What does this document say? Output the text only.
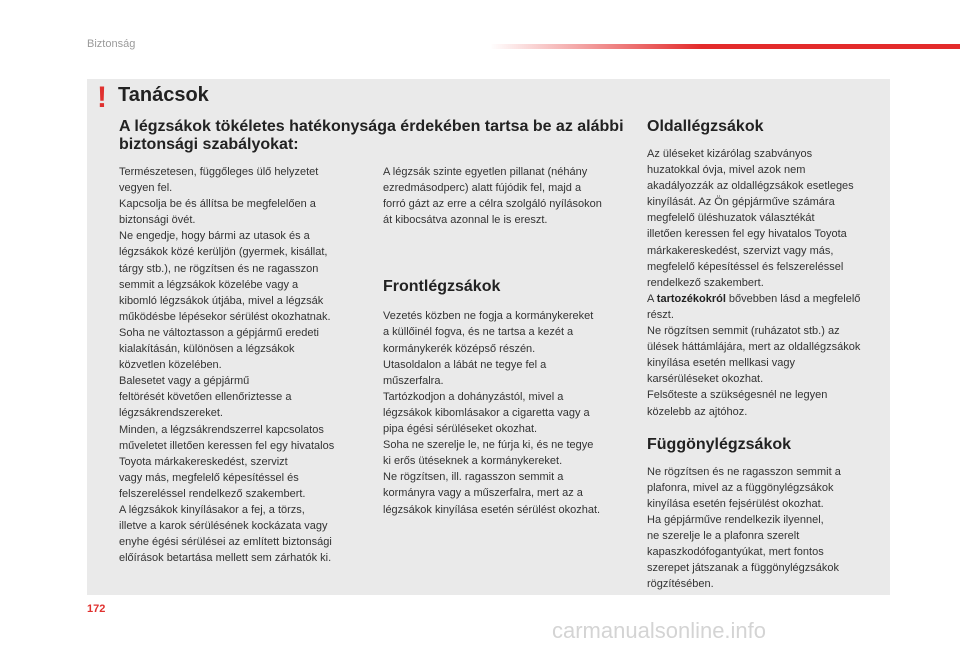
Biztonság
! Tanácsok
A légzsákok tökéletes hatékonysága érdekében tartsa be az alábbi biztonsági szabályokat:

Természetesen, függőleges ülő helyzetet
vegyen fel.
Kapcsolja be és állítsa be megfelelően a
biztonsági övét.
Ne engedje, hogy bármi az utasok és a
légzsákok közé kerüljön (gyermek, kisállat,
tárgy stb.), ne rögzítsen és ne ragasszon
semmit a légzsákok közelébe vagy a
kibomló légzsákok útjába, mivel a légzsák
működésbe lépésekor sérülést okozhatnak.
Soha ne változtasson a gépjármű eredeti
kialakításán, különösen a légzsákok
közvetlen közelében.
Balesetet vagy a gépjármű
feltörését követően ellenőriztesse a
légzsákrendszereket.
Minden, a légzsákrendszerrel kapcsolatos
műveletet illetően keressen fel egy hivatalos
Toyota márkakereskedést, szervizt
vagy más, megfelelő képesítéssel és
felszereléssel rendelkező szakembert.
A légzsákok kinyílásakor a fej, a törzs,
illetve a karok sérülésének kockázata vagy
enyhe égési sérülései az említett biztonsági
előírások betartása mellett sem zárhatók ki.

A légzsák szinte egyetlen pillanat (néhány
ezredmásodperc) alatt fújódik fel, majd a
forró gázt az erre a célra szolgáló nyílásokon
át kibocsátva azonnal le is ereszt.

Frontlégzsákok

Vezetés közben ne fogja a kormánykereket
a küllőinél fogva, és ne tartsa a kezét a
kormánykerék középső részén.
Utasoldalon a lábát ne tegye fel a
műszerfalra.
Tartózkodjon a dohányzástól, mivel a
légzsákok kibomlásakor a cigaretta vagy a
pipa égési sérüléseket okozhat.
Soha ne szerelje le, ne fúrja ki, és ne tegye
ki erős ütéseknek a kormánykereket.
Ne rögzítsen, ill. ragasszon semmit a
kormányra vagy a műszerfalra, mert az a
légzsákok kinyílása esetén sérülést okozhat.

Oldallégzsákok

Az üléseket kizárólag szabványos
huzatokkal óvja, mivel azok nem
akadályozzák az oldallégzsákok esetleges
kinyílását. Az Ön gépjárműve számára
megfelelő üléshuzatok választékát
illetően keressen fel egy hivatalos Toyota
márkakereskedést, szervizt vagy más,
megfelelő képesítéssel és felszereléssel
rendelkező szakembert.
A tartozékokról bővebben lásd a megfelelő
részt.
Ne rögzítsen semmit (ruházatot stb.) az
ülések háttámlájára, mert az oldallégzsákok
kinyílása esetén mellkasi vagy
karsérüléseket okozhat.
Felsőteste a szükségesnél ne legyen
közelebb az ajtóhoz.

Függönylégzsákok

Ne rögzítsen és ne ragasszon semmit a
plafonra, mivel az a függönylégzsákok
kinyílása esetén fejsérülést okozhat.
Ha gépjárműve rendelkezik ilyennel,
ne szerelje le a plafonra szerelt
kapaszkodófogantyúkat, mert fontos
szerepet játszanak a függönylégzsákok
rögzítésében.

172
carmanualsonline.info
